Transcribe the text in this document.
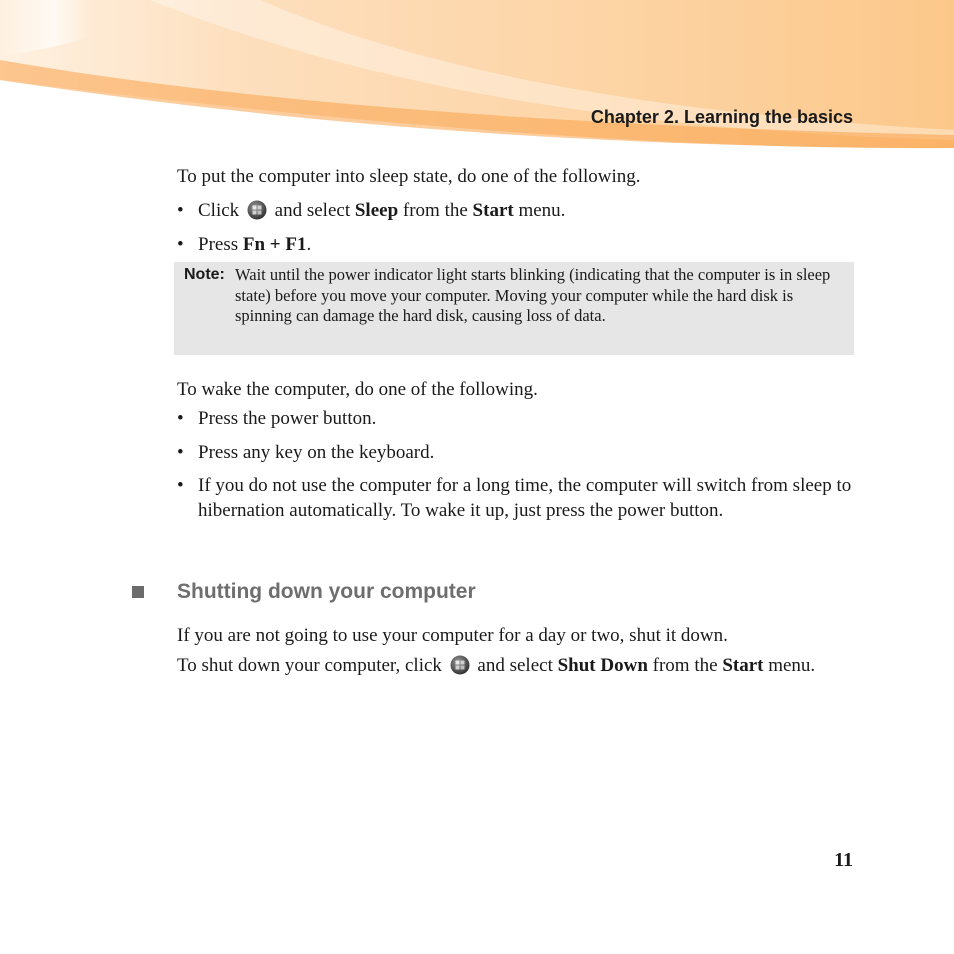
Chapter 2. Learning the basics
To put the computer into sleep state, do one of the following.
• Click and select Sleep from the Start menu.
• Press Fn + F1.
Note: Wait until the power indicator light starts blinking (indicating that the computer is in sleep state) before you move your computer. Moving your computer while the hard disk is spinning can damage the hard disk, causing loss of data.
To wake the computer, do one of the following.
• Press the power button.
• Press any key on the keyboard.
• If you do not use the computer for a long time, the computer will switch from sleep to hibernation automatically. To wake it up, just press the power button.
Shutting down your computer
If you are not going to use your computer for a day or two, shut it down.
To shut down your computer, click and select Shut Down from the Start menu.
11
